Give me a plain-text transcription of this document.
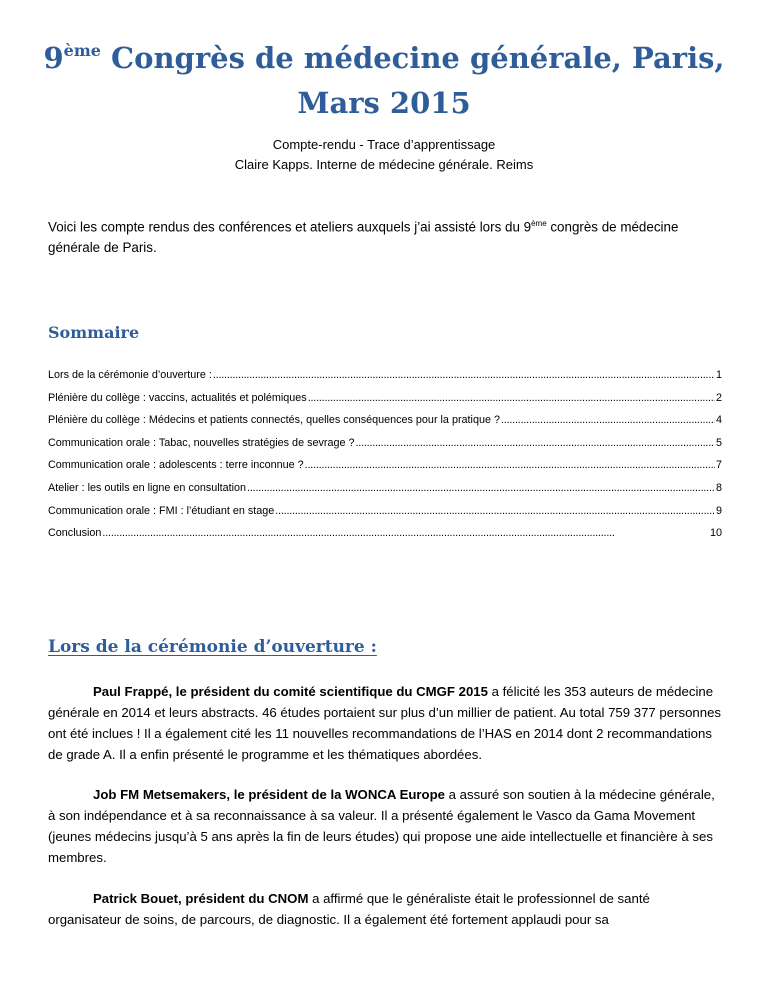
9ème Congrès de médecine générale, Paris,
Mars 2015
Compte-rendu - Trace d’apprentissage
Claire Kapps. Interne de médecine générale. Reims

Voici les compte rendus des conférences et ateliers auxquels j’ai assisté lors du 9ème congrès de médecine générale de Paris.

Sommaire
Lors de la cérémonie d’ouverture : . . .	1
Plénière du collège : vaccins, actualités et polémiques . . .	2
Plénière du collège : Médecins et patients connectés, quelles conséquences pour la pratique ? . . .	4
Communication orale : Tabac, nouvelles stratégies de sevrage ? . . .	5
Communication orale : adolescents : terre inconnue ? . . .	7
Atelier : les outils en ligne en consultation . . .	8
Communication orale : FMI : l’étudiant en stage . . .	9
Conclusion . . .	10
Lors de la cérémonie d’ouverture :

Paul Frappé, le président du comité scientifique du CMGF 2015 a félicité les 353 auteurs de médecine générale en 2014 et leurs abstracts. 46 études portaient sur plus d’un millier de patient. Au total 759 377 personnes ont été inclues ! Il a également cité les 11 nouvelles recommandations de l’HAS en 2014 dont 2 recommandations de grade A. Il a enfin présenté le programme et les thématiques abordées.

Job FM Metsemakers, le président de la WONCA Europe a assuré son soutien à la médecine générale, à son indépendance et à sa reconnaissance à sa valeur. Il a présenté également le Vasco da Gama Movement (jeunes médecins jusqu’à 5 ans après la fin de leurs études) qui propose une aide intellectuelle et financière à ses membres.

Patrick Bouet, président du CNOM a affirmé que le généraliste était le professionnel de santé organisateur de soins, de parcours, de diagnostic. Il a également été fortement applaudi pour sa
